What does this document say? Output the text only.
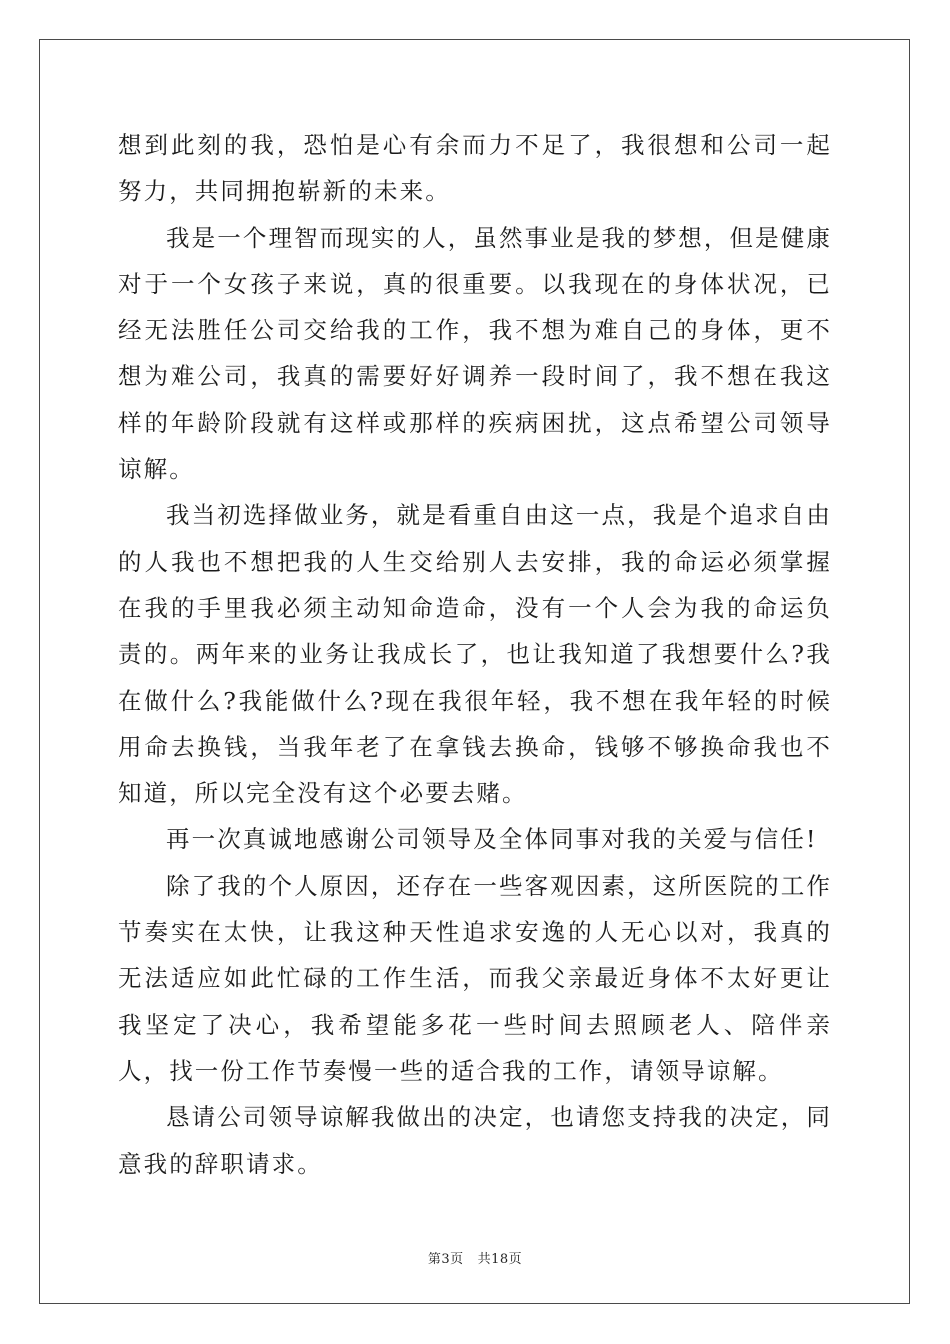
想到此刻的我，恐怕是心有余而力不足了，我很想和公司一起努力，共同拥抱崭新的未来。

我是一个理智而现实的人，虽然事业是我的梦想，但是健康对于一个女孩子来说，真的很重要。以我现在的身体状况，已经无法胜任公司交给我的工作，我不想为难自己的身体，更不想为难公司，我真的需要好好调养一段时间了，我不想在我这样的年龄阶段就有这样或那样的疾病困扰，这点希望公司领导谅解。

我当初选择做业务，就是看重自由这一点，我是个追求自由的人我也不想把我的人生交给别人去安排，我的命运必须掌握在我的手里我必须主动知命造命，没有一个人会为我的命运负责的。两年来的业务让我成长了，也让我知道了我想要什么?我在做什么?我能做什么?现在我很年轻，我不想在我年轻的时候用命去换钱，当我年老了在拿钱去换命，钱够不够换命我也不知道，所以完全没有这个必要去赌。

再一次真诚地感谢公司领导及全体同事对我的关爱与信任!

除了我的个人原因，还存在一些客观因素，这所医院的工作节奏实在太快，让我这种天性追求安逸的人无心以对，我真的无法适应如此忙碌的工作生活，而我父亲最近身体不太好更让我坚定了决心，我希望能多花一些时间去照顾老人、陪伴亲人，找一份工作节奏慢一些的适合我的工作，请领导谅解。

恳请公司领导谅解我做出的决定，也请您支持我的决定，同意我的辞职请求。

第3页 共18页
